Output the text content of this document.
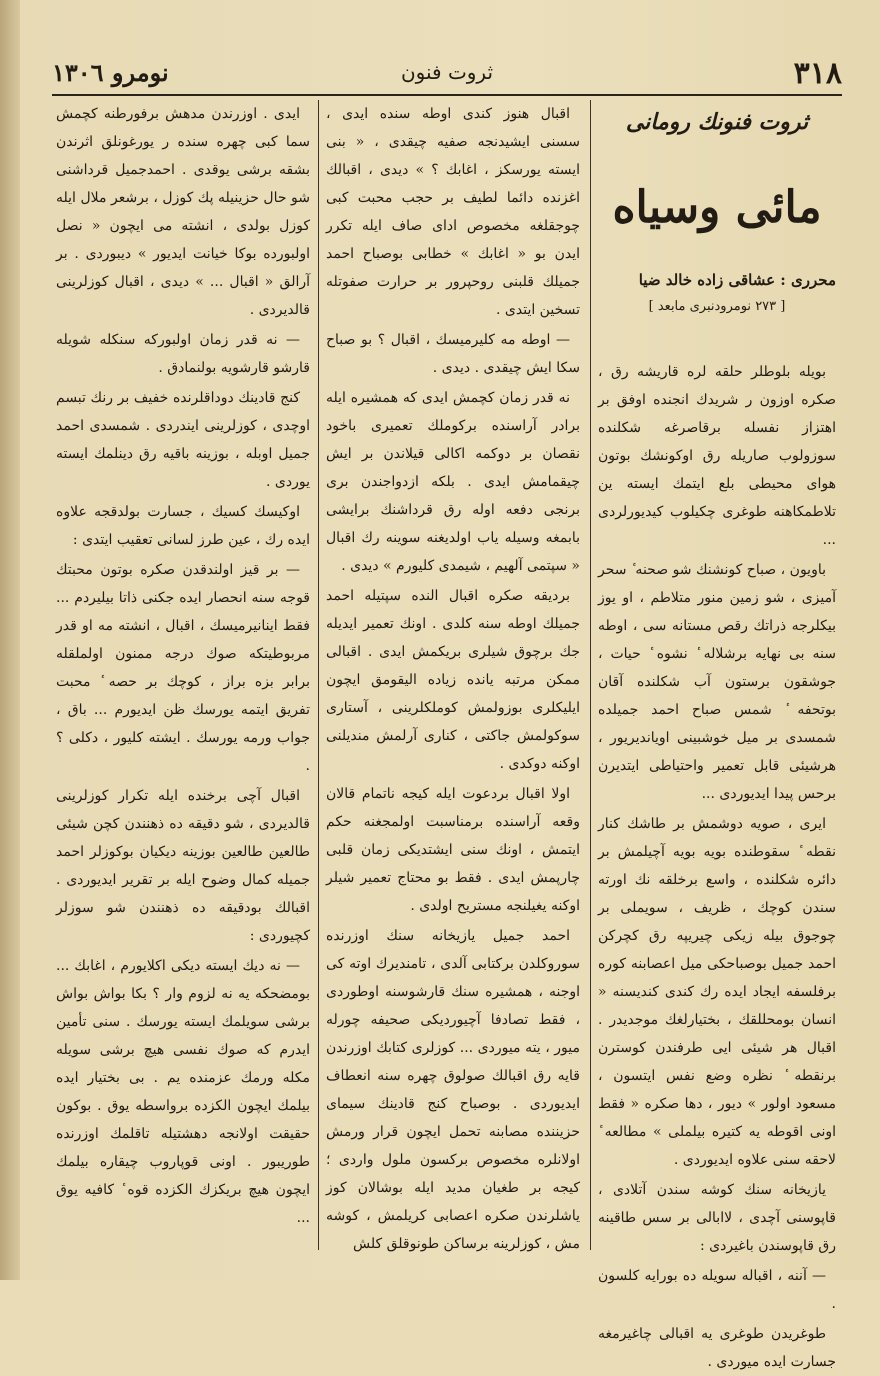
٣١٨
ثروت فنون
نومرو ١٣٠٦
ثروت فنونك رومانى
مائى وسياه
محررى : عشاقى زاده خالد ضيا
[ ٢٧٣ نومرودنبرى مابعد ]

بويله بلوطلر حلقه لره قاريشه رق ، صكره اوزون ر شريدك انجنده اوفق بر اهتزاز نفسله برقاصرغه شكلنده سوزولوب صاريله رق اوكونشك بوتون هواى محيطى بلع ايتمك ايسته ين تلاطمكاهنه طوغرى چكيلوب كيديورلردى ...

باويون ، صباح كونشنك شو صحنه ٔ سحر آميزى ، شو زمين منور متلاطم ، او يوز بيكلرجه ذراتك رقص مستانه سى ، اوطه سنه بى نهايه برشلاله ٔ نشوه ٔ حيات ، جوشقون برستون آب شكلنده آقان بوتحفه ٔ شمس صباح احمد جميلده شمسدى بر ميل خوشبينى اويانديريور ، هرشيئى قابل تعمير واحتياطى ايتديرن برحس پيدا ايديوردى ...

ايرى ، صويه دوشمش بر طاشك كنار نقطه ٔ سقوطنده بويه بويه آچيلمش بر دائره شكلنده ، واسع برخلقه نك اورته سندن كوچك ، ظريف ، سويملى بر چوجوق بيله زيكى چيريپه رق كچركن احمد جميل بوصباحكى ميل اعصابنه كوره برفلسفه ايجاد ايده رك كندى كنديسنه « انسان بومحللقك ، بختيارلغك موجديدر . اقبال هر شيئى ايى طرفندن كوسترن برنقطه ٔ نظره وضع نفس ايتسون ، مسعود اولور » ديور ، دها صكره « فقط اونى اقوطه يه كتيره بيلملى » مطالعه ٔ لاحقه سنى علاوه ايديوردى .

يازيخانه سنك كوشه سندن آتلادى ، قاپوسنى آچدى ، لاابالى بر سس طاقينه رق قاپوسندن باغيردى :

— آننه ، اقباله سويله ده بورايه كلسون .

طوغريدن طوغرى يه اقبالى چاغيرمغه جسارت ايده ميوردى .

اقبال هنوز كندى اوطه سنده ايدى ، سسنى ايشيدنجه صفيه چيقدى ، « بنى ايسته يورسكز ، اغابك ؟ » ديدى ، اقبالك اغزنده دائما لطيف بر حجب محبت كبى چوجقلغه مخصوص اداى صاف ايله تكرر ايدن بو « اغابك » خطابى بوصباح احمد جميلك قلبنى روحپرور بر حرارت صفوتله تسخين ايتدى .

— اوطه مه كليرميسك ، اقبال ؟ بو صباح سكا ايش چيقدى . ديدى .

نه قدر زمان كچمش ايدى كه همشيره ايله برادر آراسنده بركوملك تعميرى باخود نقصان بر دوكمه اكالى قيلاندن بر ايش چيقمامش ايدى . بلكه ازدواجندن برى برنجى دفعه اوله رق قرداشنك برايشى بابمغه وسيله ياب اولديغنه سوينه رك اقبال « سپتمى آلهيم ، شيمدى كليورم » ديدى .

برديقه صكره اقبال النده سپتيله احمد جميلك اوطه سنه كلدى . اونك تعمير ايديله جك برچوق شيلرى بريكمش ايدى . اقبالى ممكن مرتبه يانده زياده اليقومق ايچون ايليكلرى بوزولمش كوملكلرينى ، آستارى سوكولمش جاكتى ، كنارى آرلمش منديلنى اوكنه دوكدى .

اولا اقبال بردعوت ايله كيجه ناتمام قالان وقعه آراسنده برمناسبت اولمجغنه حكم ايتمش ، اونك سنى ايشتديكى زمان قلبى چارپمش ايدى . فقط بو محتاج تعمير شيلر اوكنه يغيلنجه مستريح اولدى .

احمد جميل يازيخانه سنك اوزرنده سوروكلدن بركتابى آلدى ، تامنديرك اوته كى اوجنه ، همشيره سنك قارشوسنه اوطوردى ، فقط تصادفا آچيورديكى صحيفه چورله ميور ، يته ميوردى ... كوزلرى كتابك اوزرندن قايه رق اقبالك صولوق چهره سنه انعطاف ايديوردى . بوصباح كنج قادينك سيماى حزيننده مصابنه تحمل ايچون قرار ورمش اولانلره مخصوص بركسون ملول واردى ؛ كيجه بر طغيان مديد ايله بوشالان كوز ياشلرندن صكره اعصابى كريلمش ، كوشه مش ، كوزلرينه برساكن طونوقلق كلش

ايدى . اوزرندن مدهش برفورطنه كچمش سما كبى چهره سنده ر يورغونلق اثرندن بشقه برشى يوقدى . احمدجميل قرداشنى شو حال حزينيله پك كوزل ، برشعر ملال ايله كوزل بولدى ، انشته مى ايچون « نصل اولبورده بوكا خيانت ايديور » ديبوردى . بر آرالق « اقبال ... » ديدى ، اقبال كوزلرينى قالديردى .

— نه قدر زمان اولبوركه سنكله شويله قارشو قارشويه بولنمادق .

كنج قادينك دوداقلرنده خفيف بر رنك تبسم اوچدى ، كوزلرينى ايندردى . شمسدى احمد جميل اوبله ، بوزينه باقيه رق دينلمك ايسته يوردى .

اوكيسك كسيك ، جسارت بولدقجه علاوه ايده رك ، عين طرز لسانى تعقيب ايتدى :

— بر قيز اولندقدن صكره بوتون محبتك قوجه سنه انحصار ايده جكنى ذاتا بيليردم ... فقط اينانيرميسك ، اقبال ، انشته مه او قدر مربوطيتكه صوك درجه ممنون اولملقله برابر بزه براز ، كوچك بر حصه ٔ محبت تفريق ايتمه يورسك ظن ايديورم ... باق ، جواب ورمه يورسك . ايشته كليور ، دكلى ؟ .

اقبال آچى برخنده ايله تكرار كوزلرينى قالديردى ، شو دقيقه ده ذهنندن كچن شيئى طالعين طالعين بوزينه ديكيان بوكوزلر احمد جميله كمال وضوح ايله بر تقرير ايديوردى . اقبالك بودقيقه ده ذهنندن شو سوزلر كچيوردى :

— نه ديك ايسته ديكى اكلايورم ، اغابك ... بومضحكه يه نه لزوم وار ؟ بكا بواش بواش برشى سويلمك ايسته يورسك . سنى تأمين ايدرم كه صوك نفسى هيچ برشى سويله مكله ورمك عزمنده يم . بى بختيار ايده بيلمك ايچون الكزده برواسطه يوق . بوكون حقيقت اولانجه دهشتيله تاقلمك اوزرنده طوريبور . اونى قوپاروب چيقاره بيلمك ايچون هيچ بريكزك الكزده قوه ٔ كافيه يوق ...
